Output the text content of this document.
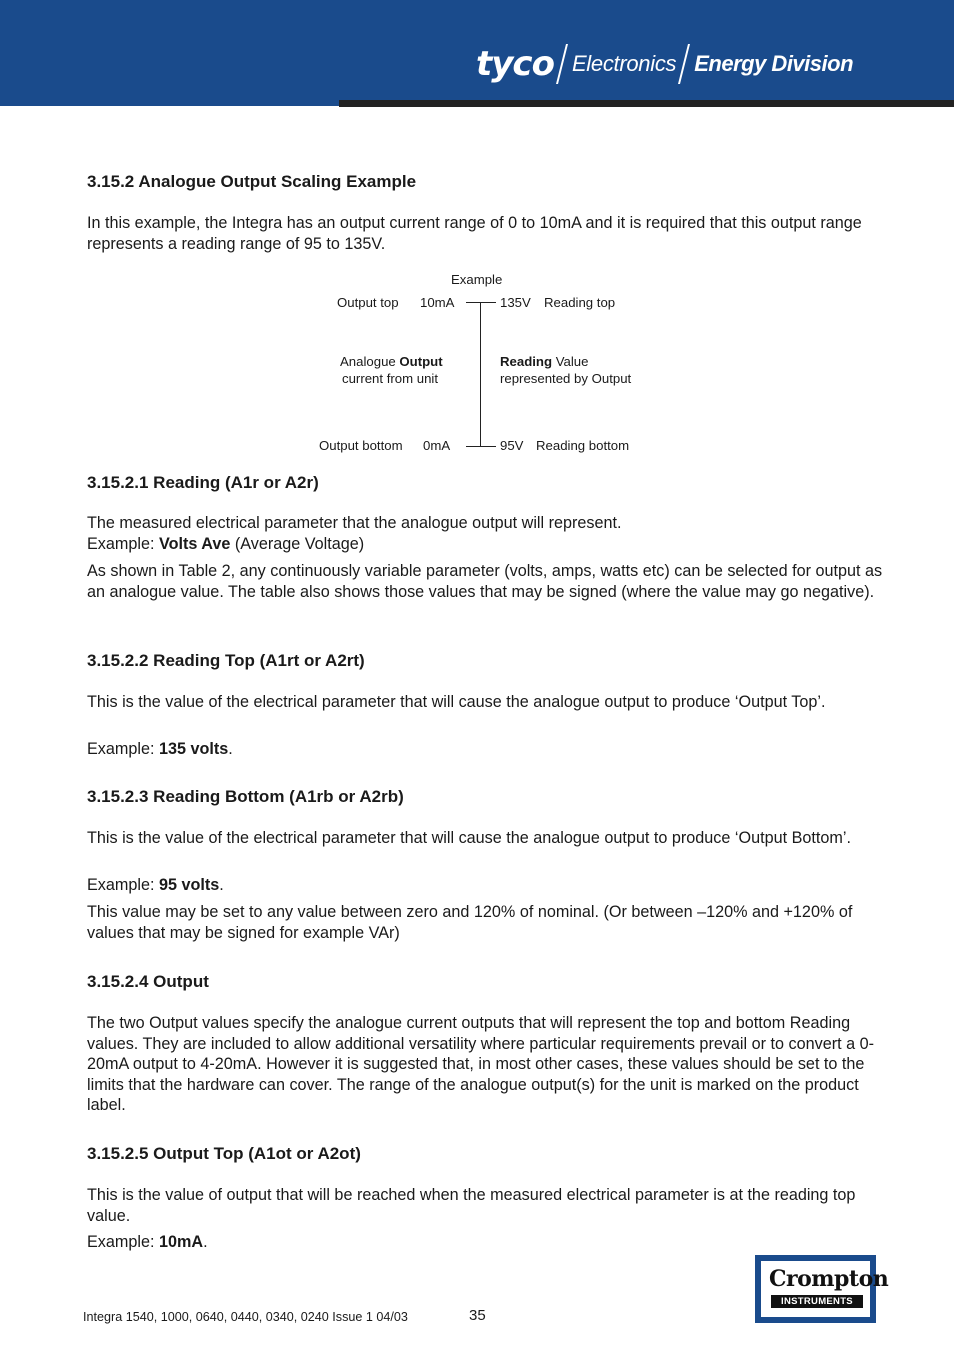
tyco Electronics Energy Division
3.15.2 Analogue Output Scaling Example

In this example, the Integra has an output current range of 0 to 10mA and it is required that this output range represents a reading range of 95 to 135V.

Example
Output top 10mA	135V Reading top
Analogue Output
current from unit
Reading Value
represented by Output
Output bottom 0mA	95V Reading bottom
3.15.2.1 Reading (A1r or A2r)

The measured electrical parameter that the analogue output will represent.

Example: Volts Ave (Average Voltage)

As shown in Table 2, any continuously variable parameter (volts, amps, watts etc) can be selected for output as an analogue value. The table also shows those values that may be signed (where the value may go negative).

3.15.2.2 Reading Top (A1rt or A2rt)

This is the value of the electrical parameter that will cause the analogue output to produce ‘Output Top’.

Example: 135 volts.

3.15.2.3 Reading Bottom (A1rb or A2rb)

This is the value of the electrical parameter that will cause the analogue output to produce ‘Output Bottom’.

Example: 95 volts.

This value may be set to any value between zero and 120% of nominal. (Or between –120% and +120% of values that may be signed for example VAr)

3.15.2.4 Output

The two Output values specify the analogue current outputs that will represent the top and bottom Reading values. They are included to allow additional versatility where particular requirements prevail or to convert a 0-20mA output to 4-20mA. However it is suggested that, in most other cases, these values should be set to the limits that the hardware can cover. The range of the analogue output(s) for the unit is marked on the product label.

3.15.2.5 Output Top (A1ot or A2ot)

This is the value of output that will be reached when the measured electrical parameter is at the reading top value.

Example: 10mA.

Integra 1540, 1000, 0640, 0440, 0340, 0240 Issue 1 04/03	35
Crompton
INSTRUMENTS
